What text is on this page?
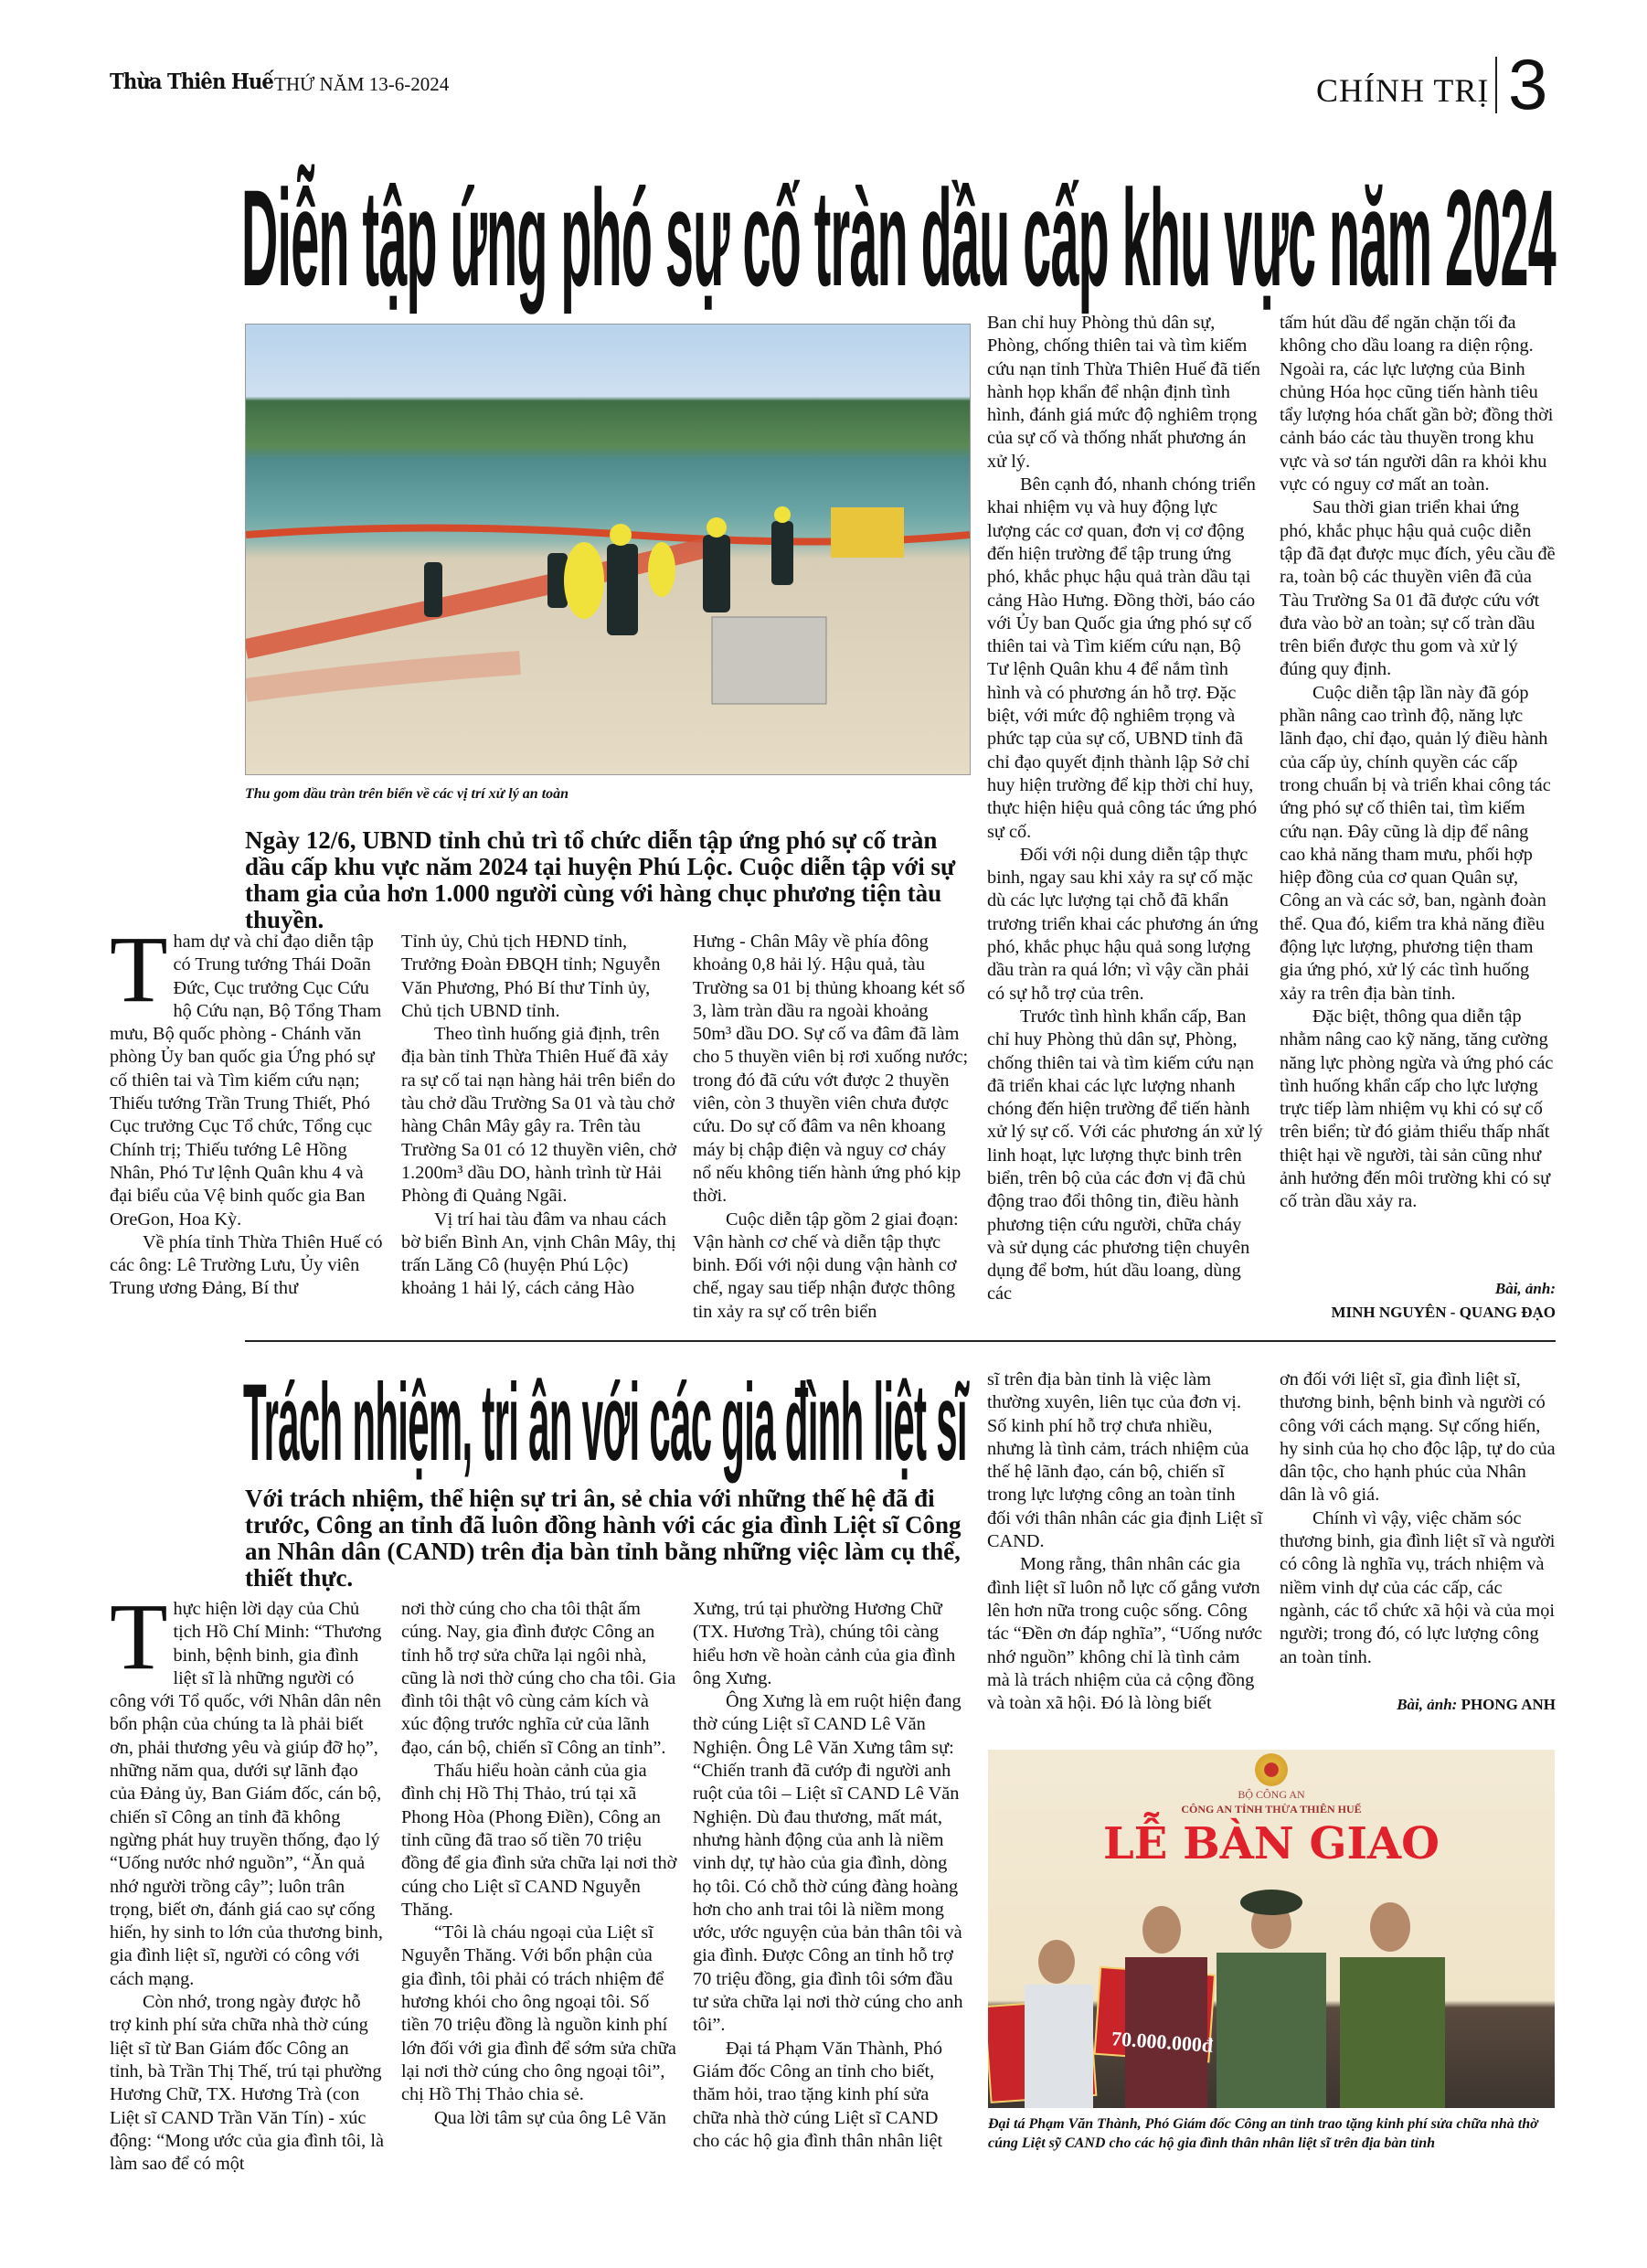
Thừa Thiên Huế THỨ NĂM 13-6-2024	CHÍNH TRỊ 3
Diễn tập ứng phó sự cố tràn dầu cấp khu vực năm 2024
Thu gom dầu tràn trên biển về các vị trí xử lý an toàn
Ngày 12/6, UBND tỉnh chủ trì tổ chức diễn tập ứng phó sự cố tràn dầu cấp khu vực năm 2024 tại huyện Phú Lộc. Cuộc diễn tập với sự tham gia của hơn 1.000 người cùng với hàng chục phương tiện tàu thuyền.

Tham dự và chỉ đạo diễn tập có Trung tướng Thái Doãn Đức, Cục trưởng Cục Cứu hộ Cứu nạn, Bộ Tổng Tham mưu, Bộ quốc phòng - Chánh văn phòng Ủy ban quốc gia Ứng phó sự cố thiên tai và Tìm kiếm cứu nạn; Thiếu tướng Trần Trung Thiết, Phó Cục trưởng Cục Tổ chức, Tổng cục Chính trị; Thiếu tướng Lê Hồng Nhân, Phó Tư lệnh Quân khu 4 và đại biểu của Vệ binh quốc gia Ban OreGon, Hoa Kỳ.

Về phía tỉnh Thừa Thiên Huế có các ông: Lê Trường Lưu, Ủy viên Trung ương Đảng, Bí thư

Tỉnh ủy, Chủ tịch HĐND tỉnh, Trưởng Đoàn ĐBQH tỉnh; Nguyễn Văn Phương, Phó Bí thư Tỉnh ủy, Chủ tịch UBND tỉnh.

Theo tình huống giả định, trên địa bàn tỉnh Thừa Thiên Huế đã xảy ra sự cố tai nạn hàng hải trên biển do tàu chở dầu Trường Sa 01 và tàu chở hàng Chân Mây gây ra. Trên tàu Trường Sa 01 có 12 thuyền viên, chở 1.200m³ dầu DO, hành trình từ Hải Phòng đi Quảng Ngãi.

Vị trí hai tàu đâm va nhau cách bờ biển Bình An, vịnh Chân Mây, thị trấn Lăng Cô (huyện Phú Lộc) khoảng 1 hải lý, cách cảng Hào

Hưng - Chân Mây về phía đông khoảng 0,8 hải lý. Hậu quả, tàu Trường sa 01 bị thủng khoang két số 3, làm tràn dầu ra ngoài khoảng 50m³ dầu DO. Sự cố va đâm đã làm cho 5 thuyền viên bị rơi xuống nước; trong đó đã cứu vớt được 2 thuyền viên, còn 3 thuyền viên chưa được cứu. Do sự cố đâm va nên khoang máy bị chập điện và nguy cơ cháy nổ nếu không tiến hành ứng phó kịp thời.

Cuộc diễn tập gồm 2 giai đoạn: Vận hành cơ chế và diễn tập thực binh. Đối với nội dung vận hành cơ chế, ngay sau tiếp nhận được thông tin xảy ra sự cố trên biển

Ban chỉ huy Phòng thủ dân sự, Phòng, chống thiên tai và tìm kiếm cứu nạn tỉnh Thừa Thiên Huế đã tiến hành họp khẩn để nhận định tình hình, đánh giá mức độ nghiêm trọng của sự cố và thống nhất phương án xử lý.

Bên cạnh đó, nhanh chóng triển khai nhiệm vụ và huy động lực lượng các cơ quan, đơn vị cơ động đến hiện trường để tập trung ứng phó, khắc phục hậu quả tràn dầu tại cảng Hào Hưng. Đồng thời, báo cáo với Ủy ban Quốc gia ứng phó sự cố thiên tai và Tìm kiếm cứu nạn, Bộ Tư lệnh Quân khu 4 để nắm tình hình và có phương án hỗ trợ. Đặc biệt, với mức độ nghiêm trọng và phức tạp của sự cố, UBND tỉnh đã chỉ đạo quyết định thành lập Sở chỉ huy hiện trường để kịp thời chỉ huy, thực hiện hiệu quả công tác ứng phó sự cố.

Đối với nội dung diễn tập thực binh, ngay sau khi xảy ra sự cố mặc dù các lực lượng tại chỗ đã khẩn trương triển khai các phương án ứng phó, khắc phục hậu quả song lượng dầu tràn ra quá lớn; vì vậy cần phải có sự hỗ trợ của trên.

Trước tình hình khẩn cấp, Ban chỉ huy Phòng thủ dân sự, Phòng, chống thiên tai và tìm kiếm cứu nạn đã triển khai các lực lượng nhanh chóng đến hiện trường để tiến hành xử lý sự cố. Với các phương án xử lý linh hoạt, lực lượng thực binh trên biển, trên bộ của các đơn vị đã chủ động trao đổi thông tin, điều hành phương tiện cứu người, chữa cháy và sử dụng các phương tiện chuyên dụng để bơm, hút dầu loang, dùng các

tấm hút dầu để ngăn chặn tối đa không cho dầu loang ra diện rộng. Ngoài ra, các lực lượng của Binh chủng Hóa học cũng tiến hành tiêu tẩy lượng hóa chất gần bờ; đồng thời cảnh báo các tàu thuyền trong khu vực và sơ tán người dân ra khỏi khu vực có nguy cơ mất an toàn.

Sau thời gian triển khai ứng phó, khắc phục hậu quả cuộc diễn tập đã đạt được mục đích, yêu cầu đề ra, toàn bộ các thuyền viên đã của Tàu Trường Sa 01 đã được cứu vớt đưa vào bờ an toàn; sự cố tràn dầu trên biển được thu gom và xử lý đúng quy định.

Cuộc diễn tập lần này đã góp phần nâng cao trình độ, năng lực lãnh đạo, chỉ đạo, quản lý điều hành của cấp ủy, chính quyền các cấp trong chuẩn bị và triển khai công tác ứng phó sự cố thiên tai, tìm kiếm cứu nạn. Đây cũng là dịp để nâng cao khả năng tham mưu, phối hợp hiệp đồng của cơ quan Quân sự, Công an và các sở, ban, ngành đoàn thể. Qua đó, kiểm tra khả năng điều động lực lượng, phương tiện tham gia ứng phó, xử lý các tình huống xảy ra trên địa bàn tỉnh.

Đặc biệt, thông qua diễn tập nhằm nâng cao kỹ năng, tăng cường năng lực phòng ngừa và ứng phó các tình huống khẩn cấp cho lực lượng trực tiếp làm nhiệm vụ khi có sự cố trên biển; từ đó giảm thiểu thấp nhất thiệt hại về người, tài sản cũng như ảnh hưởng đến môi trường khi có sự cố tràn dầu xảy ra.

Bài, ảnh:
MINH NGUYÊN - QUANG ĐẠO
Trách nhiệm, tri ân với các gia đình liệt sĩ
Với trách nhiệm, thể hiện sự tri ân, sẻ chia với những thế hệ đã đi trước, Công an tỉnh đã luôn đồng hành với các gia đình Liệt sĩ Công an Nhân dân (CAND) trên địa bàn tỉnh bằng những việc làm cụ thể, thiết thực.

Thực hiện lời dạy của Chủ tịch Hồ Chí Minh: “Thương binh, bệnh binh, gia đình liệt sĩ là những người có công với Tổ quốc, với Nhân dân nên bổn phận của chúng ta là phải biết ơn, phải thương yêu và giúp đỡ họ”, những năm qua, dưới sự lãnh đạo của Đảng ủy, Ban Giám đốc, cán bộ, chiến sĩ Công an tỉnh đã không ngừng phát huy truyền thống, đạo lý “Uống nước nhớ nguồn”, “Ăn quả nhớ người trồng cây”; luôn trân trọng, biết ơn, đánh giá cao sự cống hiến, hy sinh to lớn của thương binh, gia đình liệt sĩ, người có công với cách mạng.

Còn nhớ, trong ngày được hỗ trợ kinh phí sửa chữa nhà thờ cúng liệt sĩ từ Ban Giám đốc Công an tỉnh, bà Trần Thị Thế, trú tại phường Hương Chữ, TX. Hương Trà (con Liệt sĩ CAND Trần Văn Tín) - xúc động: “Mong ước của gia đình tôi, là làm sao để có một

nơi thờ cúng cho cha tôi thật ấm cúng. Nay, gia đình được Công an tỉnh hỗ trợ sửa chữa lại ngôi nhà, cũng là nơi thờ cúng cho cha tôi. Gia đình tôi thật vô cùng cảm kích và xúc động trước nghĩa cử của lãnh đạo, cán bộ, chiến sĩ Công an tỉnh”.

Thấu hiểu hoàn cảnh của gia đình chị Hồ Thị Thảo, trú tại xã Phong Hòa (Phong Điền), Công an tỉnh cũng đã trao số tiền 70 triệu đồng để gia đình sửa chữa lại nơi thờ cúng cho Liệt sĩ CAND Nguyễn Thăng.

“Tôi là cháu ngoại của Liệt sĩ Nguyễn Thăng. Với bổn phận của gia đình, tôi phải có trách nhiệm để hương khói cho ông ngoại tôi. Số tiền 70 triệu đồng là nguồn kinh phí lớn đối với gia đình để sớm sửa chữa lại nơi thờ cúng cho ông ngoại tôi”, chị Hồ Thị Thảo chia sẻ.

Qua lời tâm sự của ông Lê Văn

Xưng, trú tại phường Hương Chữ (TX. Hương Trà), chúng tôi càng hiểu hơn về hoàn cảnh của gia đình ông Xưng.

Ông Xưng là em ruột hiện đang thờ cúng Liệt sĩ CAND Lê Văn Nghiện. Ông Lê Văn Xưng tâm sự: “Chiến tranh đã cướp đi người anh ruột của tôi – Liệt sĩ CAND Lê Văn Nghiện. Dù đau thương, mất mát, nhưng hành động của anh là niềm vinh dự, tự hào của gia đình, dòng họ tôi. Có chỗ thờ cúng đàng hoàng hơn cho anh trai tôi là niềm mong ước, ước nguyện của bản thân tôi và gia đình. Được Công an tỉnh hỗ trợ 70 triệu đồng, gia đình tôi sớm đầu tư sửa chữa lại nơi thờ cúng cho anh tôi”.

Đại tá Phạm Văn Thành, Phó Giám đốc Công an tỉnh cho biết, thăm hỏi, trao tặng kinh phí sửa chữa nhà thờ cúng Liệt sĩ CAND cho các hộ gia đình thân nhân liệt

sĩ trên địa bàn tỉnh là việc làm thường xuyên, liên tục của đơn vị. Số kinh phí hỗ trợ chưa nhiều, nhưng là tình cảm, trách nhiệm của thế hệ lãnh đạo, cán bộ, chiến sĩ trong lực lượng công an toàn tỉnh đối với thân nhân các gia định Liệt sĩ CAND.

Mong rằng, thân nhân các gia đình liệt sĩ luôn nỗ lực cố gắng vươn lên hơn nữa trong cuộc sống. Công tác “Đền ơn đáp nghĩa”, “Uống nước nhớ nguồn” không chỉ là tình cảm mà là trách nhiệm của cả cộng đồng và toàn xã hội. Đó là lòng biết

ơn đối với liệt sĩ, gia đình liệt sĩ, thương binh, bệnh binh và người có công với cách mạng. Sự cống hiến, hy sinh của họ cho độc lập, tự do của dân tộc, cho hạnh phúc của Nhân dân là vô giá.

Chính vì vậy, việc chăm sóc thương binh, gia đình liệt sĩ và người có công là nghĩa vụ, trách nhiệm và niềm vinh dự của các cấp, các ngành, các tổ chức xã hội và của mọi người; trong đó, có lực lượng công an toàn tỉnh.

Bài, ảnh: PHONG ANH
BỘ CÔNG AN
CÔNG AN TỈNH THỪA THIÊN HUẾ
LỄ BÀN GIAO
70.000.000đ
Đại tá Phạm Văn Thành, Phó Giám đốc Công an tỉnh trao tặng kinh phí sửa chữa nhà thờ cúng Liệt sỹ CAND cho các hộ gia đình thân nhân liệt sĩ trên địa bàn tỉnh
